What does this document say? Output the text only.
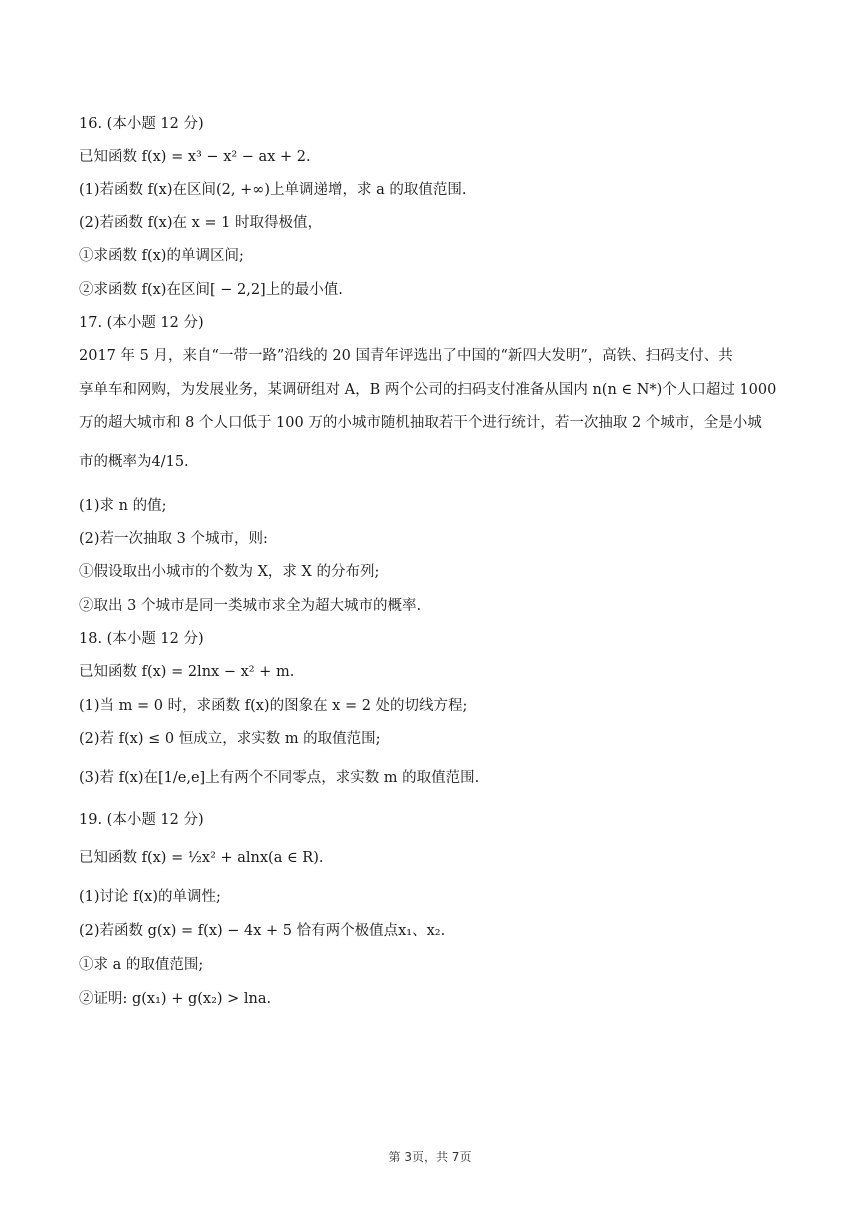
16. (本小题 12 分)
已知函数 f(x) = x³ − x² − ax + 2.
(1)若函数 f(x)在区间(2, +∞)上单调递增，求 a 的取值范围.
(2)若函数 f(x)在 x = 1 时取得极值，
①求函数 f(x)的单调区间;
②求函数 f(x)在区间[ − 2,2]上的最小值.
17. (本小题 12 分)
2017 年 5 月，来自“一带一路”沿线的 20 国青年评选出了中国的“新四大发明”，高铁、扫码支付、共
享单车和网购，为发展业务，某调研组对 A，B 两个公司的扫码支付准备从国内 n(n ∈ N*)个人口超过 1000
万的超大城市和 8 个人口低于 100 万的小城市随机抽取若干个进行统计，若一次抽取 2 个城市，全是小城
市的概率为4/15.
(1)求 n 的值;
(2)若一次抽取 3 个城市，则:
①假设取出小城市的个数为 X，求 X 的分布列;
②取出 3 个城市是同一类城市求全为超大城市的概率.
18. (本小题 12 分)
已知函数 f(x) = 2lnx − x² + m.
(1)当 m = 0 时，求函数 f(x)的图象在 x = 2 处的切线方程;
(2)若 f(x) ≤ 0 恒成立，求实数 m 的取值范围;
(3)若 f(x)在[1/e,e]上有两个不同零点，求实数 m 的取值范围.
19. (本小题 12 分)
已知函数 f(x) = ½x² + alnx(a ∈ R).
(1)讨论 f(x)的单调性;
(2)若函数 g(x) = f(x) − 4x + 5 恰有两个极值点x₁、x₂.
①求 a 的取值范围;
②证明: g(x₁) + g(x₂) > lna.
第 3页，共 7页
